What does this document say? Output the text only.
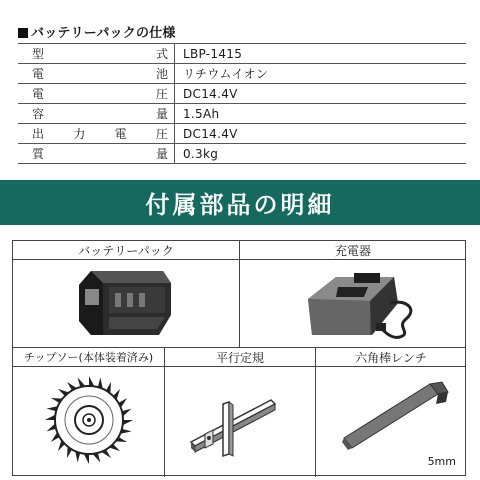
バッテリーパックの仕様
型 式	LBP-1415

電 池	リチウムイオン

電 圧	DC14.4V

容 量	1.5Ah

出 力 電 圧	DC14.4V

質 量	0.3kg
付属部品の明細
バッテリーパック	充電器
チップソー(本体装着済み)	平行定規	六角棒レンチ
5mm
